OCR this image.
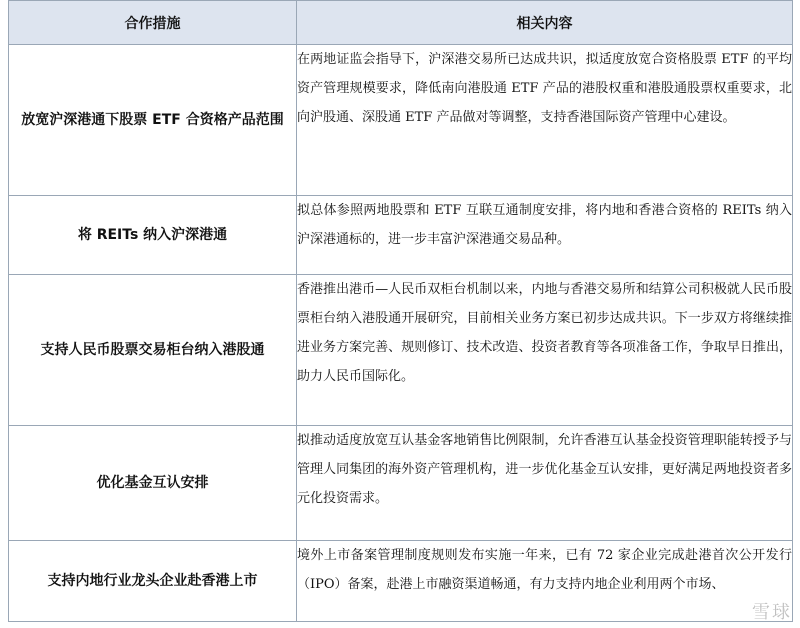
合作措施	相关内容
放宽沪深港通下股票 ETF 合资格产品范围	在两地证监会指导下，沪深港交易所已达成共识，拟适度放宽合资格股票 ETF 的平均资产管理规模要求，降低南向港股通 ETF 产品的港股权重和港股通股票权重要求，北向沪股通、深股通 ETF 产品做对等调整，支持香港国际资产管理中心建设。
将 REITs 纳入沪深港通	拟总体参照两地股票和 ETF 互联互通制度安排，将内地和香港合资格的 REITs 纳入沪深港通标的，进一步丰富沪深港通交易品种。
支持人民币股票交易柜台纳入港股通	香港推出港币—人民币双柜台机制以来，内地与香港交易所和结算公司积极就人民币股票柜台纳入港股通开展研究，目前相关业务方案已初步达成共识。下一步双方将继续推进业务方案完善、规则修订、技术改造、投资者教育等各项准备工作，争取早日推出，助力人民币国际化。
优化基金互认安排	拟推动适度放宽互认基金客地销售比例限制，允许香港互认基金投资管理职能转授予与管理人同集团的海外资产管理机构，进一步优化基金互认安排，更好满足两地投资者多元化投资需求。
支持内地行业龙头企业赴香港上市	境外上市备案管理制度规则发布实施一年来，已有 72 家企业完成赴港首次公开发行（IPO）备案，赴港上市融资渠道畅通，有力支持内地企业利用两个市场、
雪球
